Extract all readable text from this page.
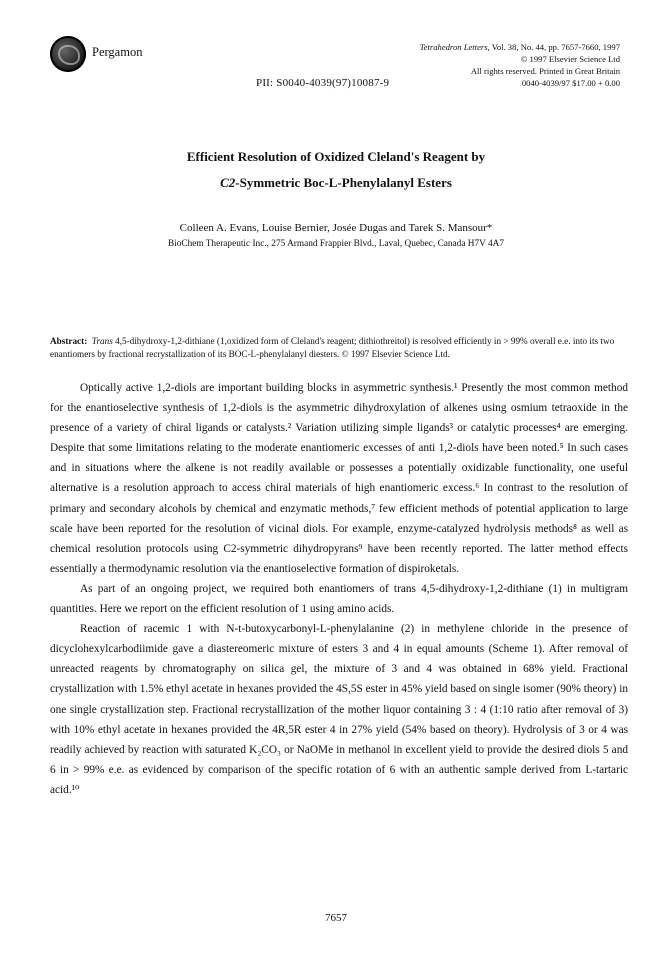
Pergamon	Tetrahedron Letters, Vol. 38, No. 44, pp. 7657-7660, 1997
© 1997 Elsevier Science Ltd
All rights reserved. Printed in Great Britain
0040-4039/97 $17.00 + 0.00
PII: S0040-4039(97)10087-9
Efficient Resolution of Oxidized Cleland's Reagent by
C2-Symmetric Boc-L-Phenylalanyl Esters
Colleen A. Evans, Louise Bernier, Josée Dugas and Tarek S. Mansour*
BioChem Therapeutic Inc., 275 Armand Frappier Blvd., Laval, Quebec, Canada H7V 4A7
Abstract: Trans 4,5-dihydroxy-1,2-dithiane (1,oxidized form of Cleland's reagent; dithiothreitol) is resolved efficiently in > 99% overall e.e. into its two enantiomers by fractional recrystallization of its BOC-L-phenylalanyl diesters. © 1997 Elsevier Science Ltd.

Optically active 1,2-diols are important building blocks in asymmetric synthesis.¹ Presently the most common method for the enantioselective synthesis of 1,2-diols is the asymmetric dihydroxylation of alkenes using osmium tetraoxide in the presence of a variety of chiral ligands or catalysts.² Variation utilizing simple ligands³ or catalytic processes⁴ are emerging. Despite that some limitations relating to the moderate enantiomeric excesses of anti 1,2-diols have been noted.⁵ In such cases and in situations where the alkene is not readily available or possesses a potentially oxidizable functionality, one useful alternative is a resolution approach to access chiral materials of high enantiomeric excess.⁶ In contrast to the resolution of primary and secondary alcohols by chemical and enzymatic methods,⁷ few efficient methods of potential application to large scale have been reported for the resolution of vicinal diols. For example, enzyme-catalyzed hydrolysis methods⁸ as well as chemical resolution protocols using C2-symmetric dihydropyrans⁹ have been recently reported. The latter method effects essentially a thermodynamic resolution via the enantioselective formation of dispiroketals.

As part of an ongoing project, we required both enantiomers of trans 4,5-dihydroxy-1,2-dithiane (1) in multigram quantities. Here we report on the efficient resolution of 1 using amino acids.

Reaction of racemic 1 with N-t-butoxycarbonyl-L-phenylalanine (2) in methylene chloride in the presence of dicyclohexylcarbodiimide gave a diastereomeric mixture of esters 3 and 4 in equal amounts (Scheme 1). After removal of unreacted reagents by chromatography on silica gel, the mixture of 3 and 4 was obtained in 68% yield. Fractional crystallization with 1.5% ethyl acetate in hexanes provided the 4S,5S ester in 45% yield based on single isomer (90% theory) in one single crystallization step. Fractional recrystallization of the mother liquor containing 3 : 4 (1:10 ratio after removal of 3) with 10% ethyl acetate in hexanes provided the 4R,5R ester 4 in 27% yield (54% based on theory). Hydrolysis of 3 or 4 was readily achieved by reaction with saturated K₂CO₃ or NaOMe in methanol in excellent yield to provide the desired diols 5 and 6 in > 99% e.e. as evidenced by comparison of the specific rotation of 6 with an authentic sample derived from L-tartaric acid.¹⁰

7657
